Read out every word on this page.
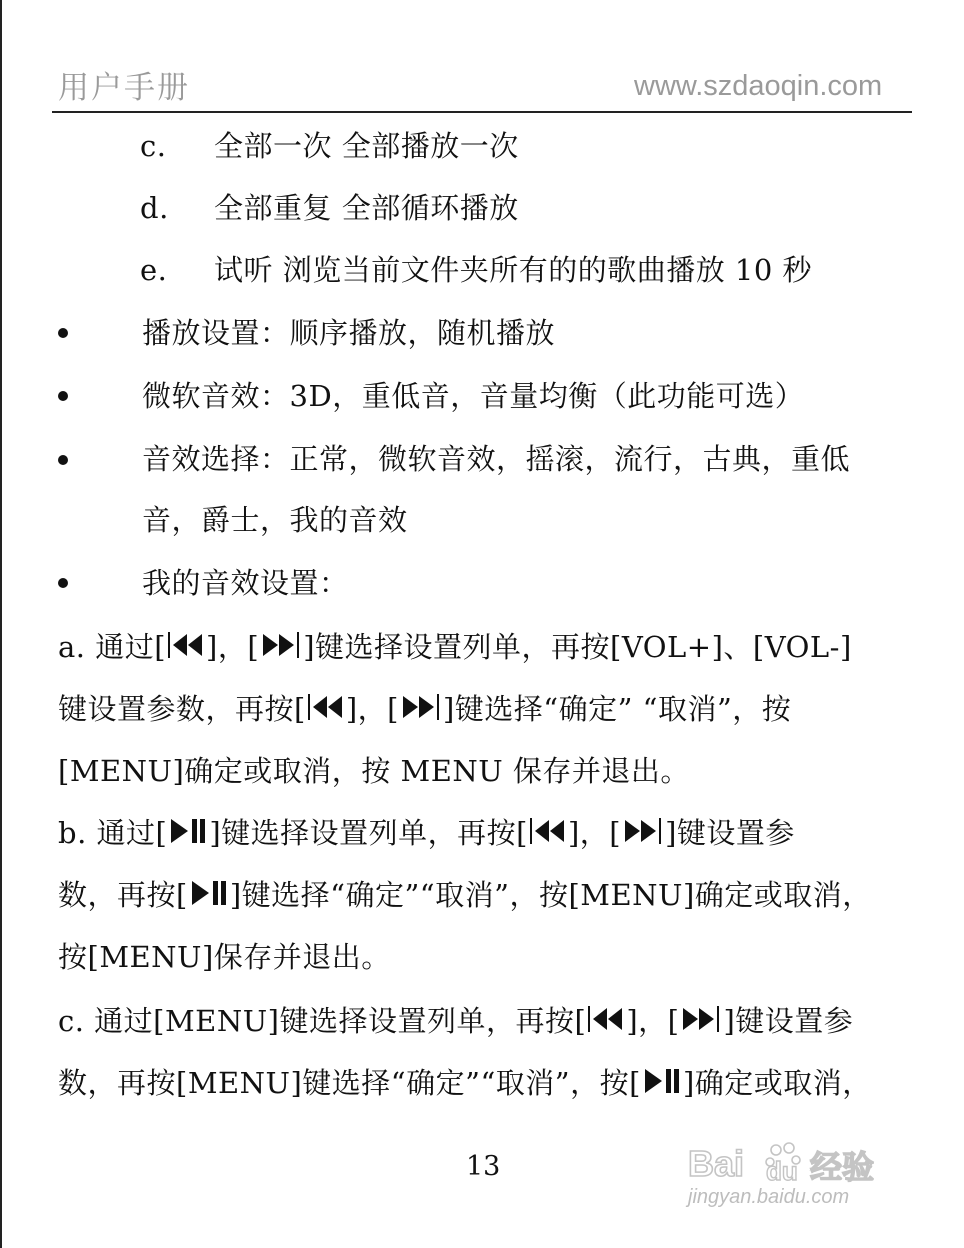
用户手册	www.szdaoqin.com
c. 全部一次 全部播放一次
d. 全部重复 全部循环播放
e. 试听 浏览当前文件夹所有的的歌曲播放 10 秒
播放设置：顺序播放，随机播放
微软音效：3D，重低音，音量均衡（此功能可选）
音效选择：正常，微软音效，摇滚，流行，古典，重低
音，爵士，我的音效
我的音效设置：
a. 通过[ ]，[ ]键选择设置列单，再按[VOL+]、[VOL-]
键设置参数，再按[ ]，[ ]键选择“确定” “取消”，按
[MENU]确定或取消，按 MENU 保存并退出。
b. 通过[ ]键选择设置列单，再按[ ]，[ ]键设置参
数，再按[ ]键选择“确定”“取消”，按[MENU]确定或取消，
按[MENU]保存并退出。
c. 通过[MENU]键选择设置列单，再按[ ]，[ ]键设置参
数，再按[MENU]键选择“确定”“取消”，按[ ]确定或取消，
13	Bai du 经验
jingyan.baidu.com
